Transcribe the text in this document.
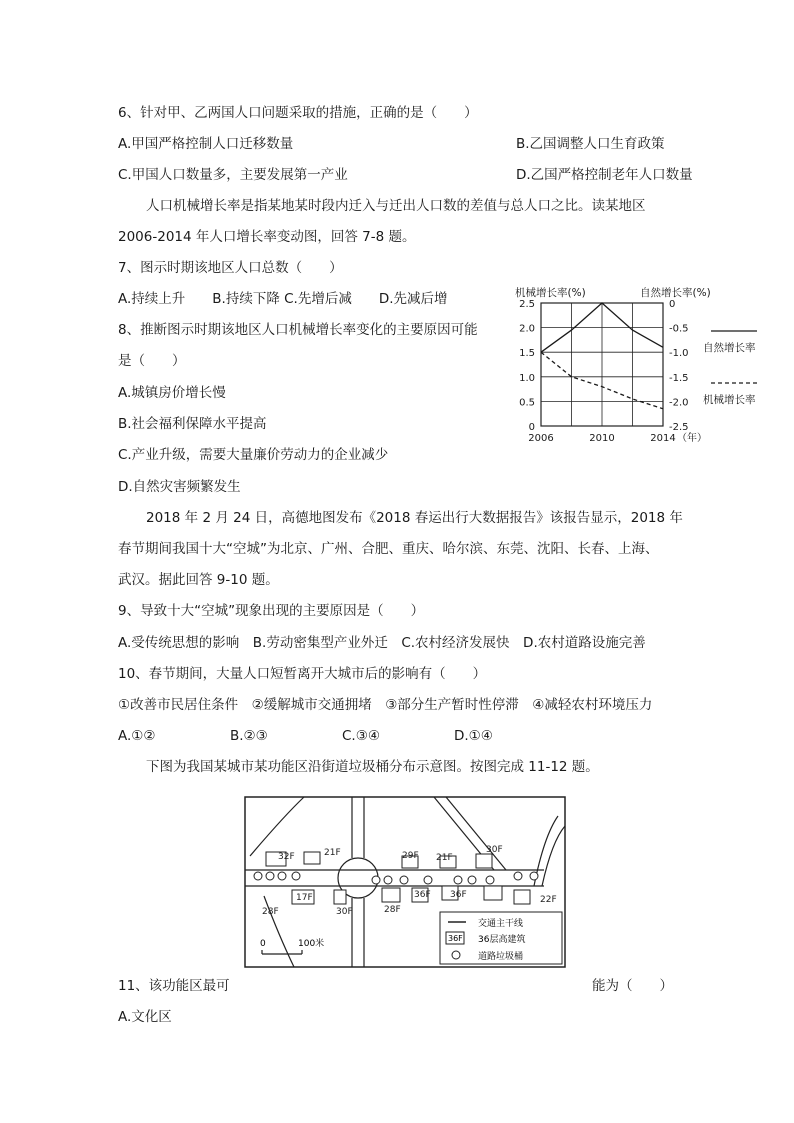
6、针对甲、乙两国人口问题采取的措施，正确的是（　　）
A.甲国严格控制人口迁移数量	B.乙国调整人口生育政策
C.甲国人口数量多，主要发展第一产业	D.乙国严格控制老年人口数量
人口机械增长率是指某地某时段内迁入与迁出人口数的差值与总人口之比。读某地区
2006-2014 年人口增长率变动图，回答 7-8 题。
7、图示时期该地区人口总数（　　）
A.持续上升　　B.持续下降 C.先增后减　　D.先减后增
8、推断图示时期该地区人口机械增长率变化的主要原因可能
是（　　）
A.城镇房价增长慢
B.社会福利保障水平提高
C.产业升级，需要大量廉价劳动力的企业减少
D.自然灾害频繁发生
机械增长率(%)	自然增长率(%)
0
0.5
1.0
1.5
2.0
2.5	0
-0.5
-1.0
-1.5
-2.0
-2.5
2006	2010	2014 （年）
自然增长率
机械增长率
2018 年 2 月 24 日，高德地图发布《2018 春运出行大数据报告》该报告显示，2018 年
春节期间我国十大“空城”为北京、广州、合肥、重庆、哈尔滨、东莞、沈阳、长春、上海、
武汉。据此回答 9-10 题。
9、导致十大“空城”现象出现的主要原因是（　　）
A.受传统思想的影响　B.劳动密集型产业外迁　C.农村经济发展快　D.农村道路设施完善
10、春节期间，大量人口短暂离开大城市后的影响有（　　）
①改善市民居住条件　②缓解城市交通拥堵　③部分生产暂时性停滞　④减轻农村环境压力
A.①②	B.②③	C.③④	D.①④
下图为我国某城市某功能区沿街道垃圾桶分布示意图。按图完成 11-12 题。
32F	21F	29F 21F
30F
17F	36F 36F
28F	30F	28F
22F
0	100米
交通主干线
36F 36层高建筑
道路垃圾桶
11、该功能区最可	能为（　　）
A.文化区
